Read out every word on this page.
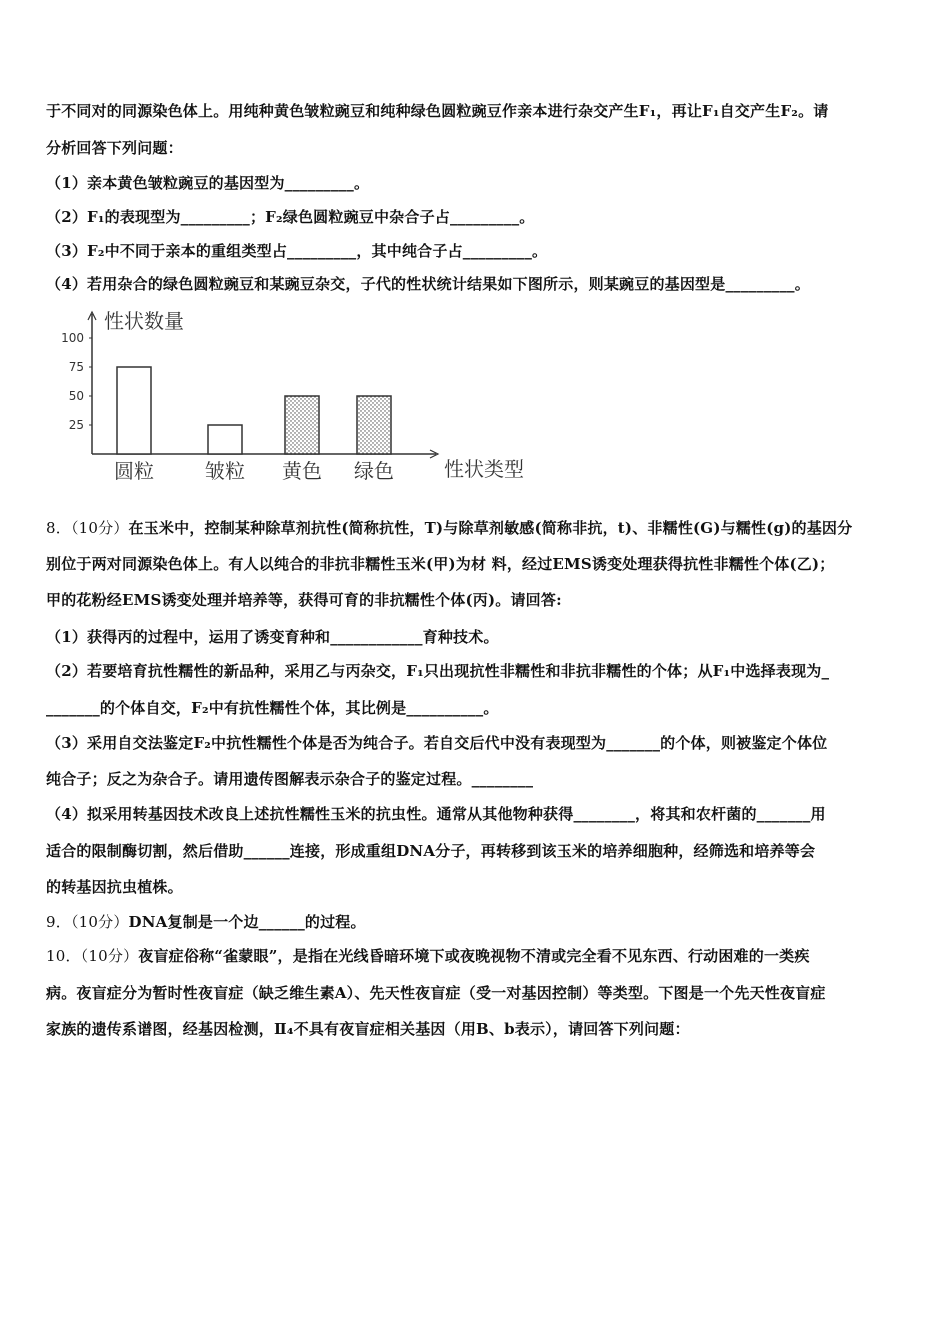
于不同对的同源染色体上。用纯种黄色皱粒豌豆和纯种绿色圆粒豌豆作亲本进行杂交产生F₁，再让F₁自交产生F₂。请
分析回答下列问题：
（1）亲本黄色皱粒豌豆的基因型为_________。
（2）F₁的表现型为_________；F₂绿色圆粒豌豆中杂合子占_________。
（3）F₂中不同于亲本的重组类型占_________，其中纯合子占_________。
（4）若用杂合的绿色圆粒豌豆和某豌豆杂交，子代的性状统计结果如下图所示，则某豌豆的基因型是_________。
性状数量
性状类型
100
75
50
25
圆粒	皱粒 黄色 绿色
8．（10分）在玉米中，控制某种除草剂抗性(简称抗性，T)与除草剂敏感(简称非抗，t)、非糯性(G)与糯性(g)的基因分
别位于两对同源染色体上。有人以纯合的非抗非糯性玉米(甲)为材 料，经过EMS诱变处理获得抗性非糯性个体(乙)；
甲的花粉经EMS诱变处理并培养等，获得可育的非抗糯性个体(丙)。请回答:
（1）获得丙的过程中，运用了诱变育种和____________育种技术。
（2）若要培育抗性糯性的新品种，采用乙与丙杂交，F₁只出现抗性非糯性和非抗非糯性的个体；从F₁中选择表现为_
_______的个体自交，F₂中有抗性糯性个体，其比例是__________。
（3）采用自交法鉴定F₂中抗性糯性个体是否为纯合子。若自交后代中没有表现型为_______的个体，则被鉴定个体位
纯合子；反之为杂合子。请用遗传图解表示杂合子的鉴定过程。________
（4）拟采用转基因技术改良上述抗性糯性玉米的抗虫性。通常从其他物种获得________，将其和农杆菌的_______用
适合的限制酶切割，然后借助______连接，形成重组DNA分子，再转移到该玉米的培养细胞种，经筛选和培养等会
的转基因抗虫植株。
9．（10分）DNA复制是一个边______的过程。
10．（10分）夜盲症俗称“雀蒙眼”，是指在光线昏暗环境下或夜晚视物不清或完全看不见东西、行动困难的一类疾
病。夜盲症分为暂时性夜盲症（缺乏维生素A）、先天性夜盲症（受一对基因控制）等类型。下图是一个先天性夜盲症
家族的遗传系谱图，经基因检测，Ⅱ₄不具有夜盲症相关基因（用B、b表示），请回答下列问题：
